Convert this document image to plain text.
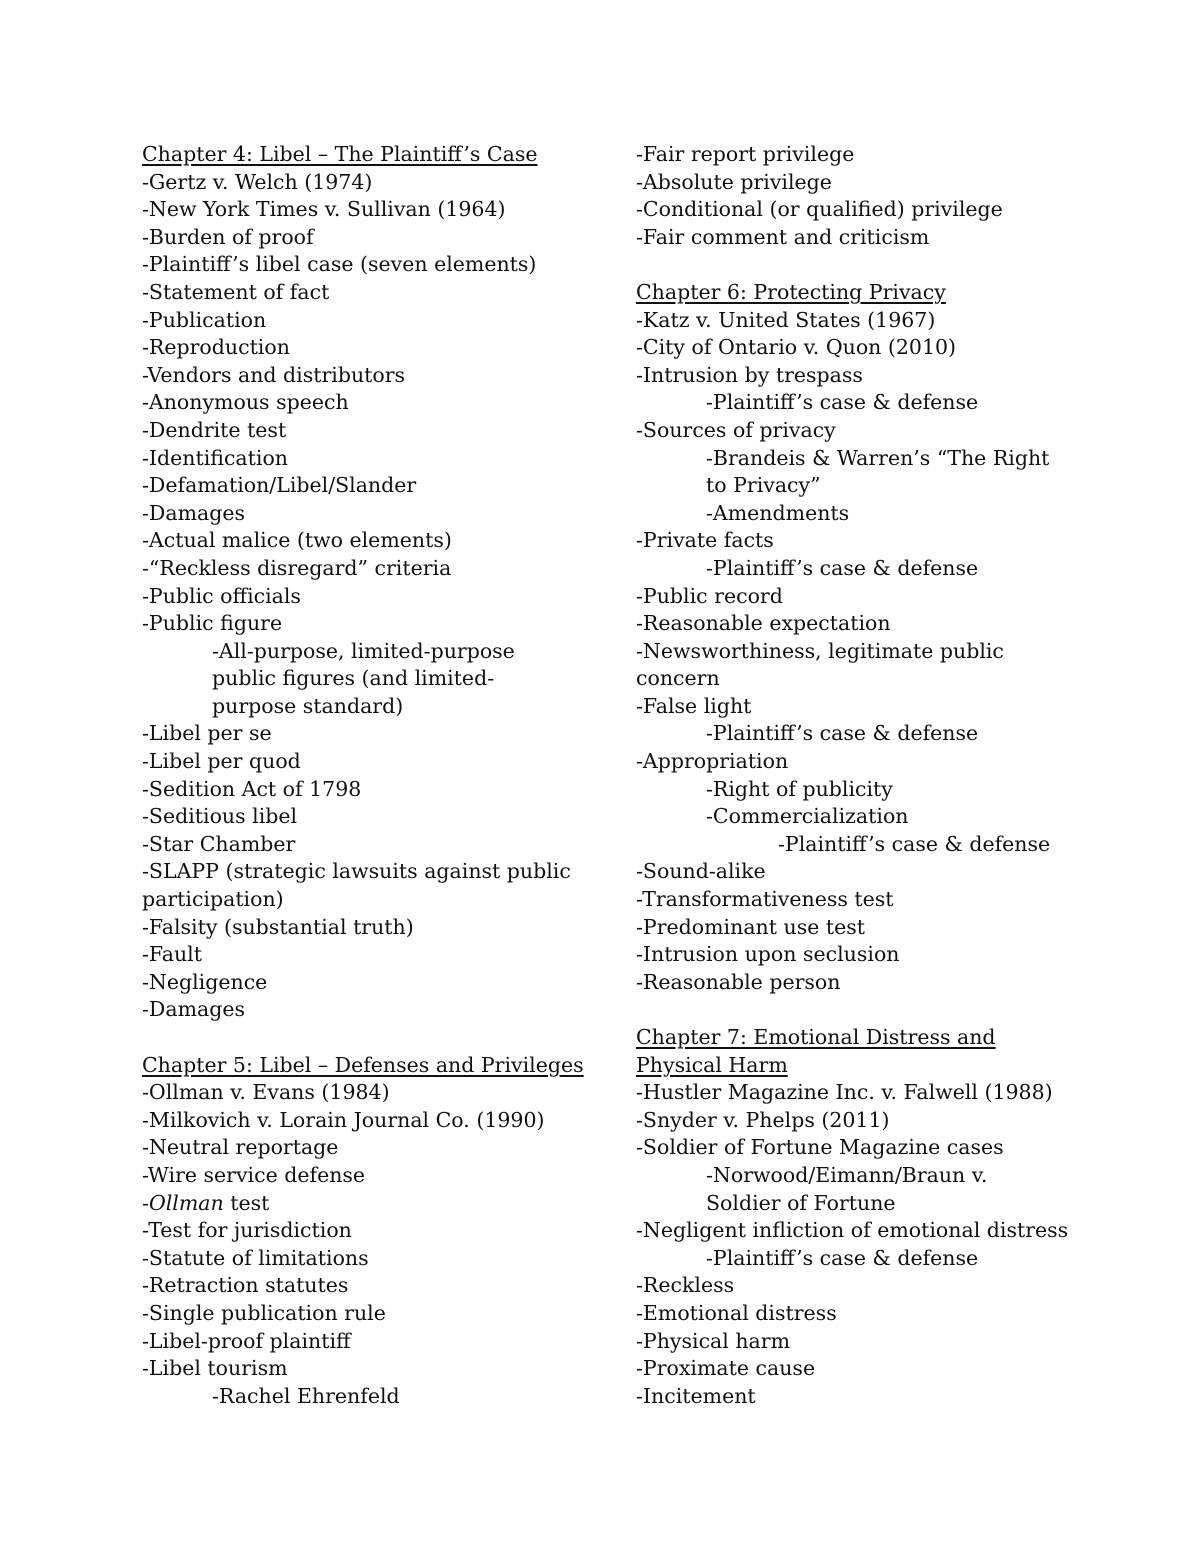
Chapter 4: Libel – The Plaintiff’s Case
-Gertz v. Welch (1974)
-New York Times v. Sullivan (1964)
-Burden of proof
-Plaintiff’s libel case (seven elements)
-Statement of fact
-Publication
-Reproduction
-Vendors and distributors
-Anonymous speech
-Dendrite test
-Identification
-Defamation/Libel/Slander
-Damages
-Actual malice (two elements)
-“Reckless disregard” criteria
-Public officials
-Public figure
-All-purpose, limited-purpose
public figures (and limited-
purpose standard)
-Libel per se
-Libel per quod
-Sedition Act of 1798
-Seditious libel
-Star Chamber
-SLAPP (strategic lawsuits against public
participation)
-Falsity (substantial truth)
-Fault
-Negligence
-Damages
Chapter 5: Libel – Defenses and Privileges
-Ollman v. Evans (1984)
-Milkovich v. Lorain Journal Co. (1990)
-Neutral reportage
-Wire service defense
-Ollman test
-Test for jurisdiction
-Statute of limitations
-Retraction statutes
-Single publication rule
-Libel-proof plaintiff
-Libel tourism
-Rachel Ehrenfeld
-Fair report privilege
-Absolute privilege
-Conditional (or qualified) privilege
-Fair comment and criticism
Chapter 6: Protecting Privacy
-Katz v. United States (1967)
-City of Ontario v. Quon (2010)
-Intrusion by trespass
-Plaintiff’s case & defense
-Sources of privacy
-Brandeis & Warren’s “The Right
to Privacy”
-Amendments
-Private facts
-Plaintiff’s case & defense
-Public record
-Reasonable expectation
-Newsworthiness, legitimate public
concern
-False light
-Plaintiff’s case & defense
-Appropriation
-Right of publicity
-Commercialization
-Plaintiff’s case & defense
-Sound-alike
-Transformativeness test
-Predominant use test
-Intrusion upon seclusion
-Reasonable person
Chapter 7: Emotional Distress and
Physical Harm
-Hustler Magazine Inc. v. Falwell (1988)
-Snyder v. Phelps (2011)
-Soldier of Fortune Magazine cases
-Norwood/Eimann/Braun v.
Soldier of Fortune
-Negligent infliction of emotional distress
-Plaintiff’s case & defense
-Reckless
-Emotional distress
-Physical harm
-Proximate cause
-Incitement
